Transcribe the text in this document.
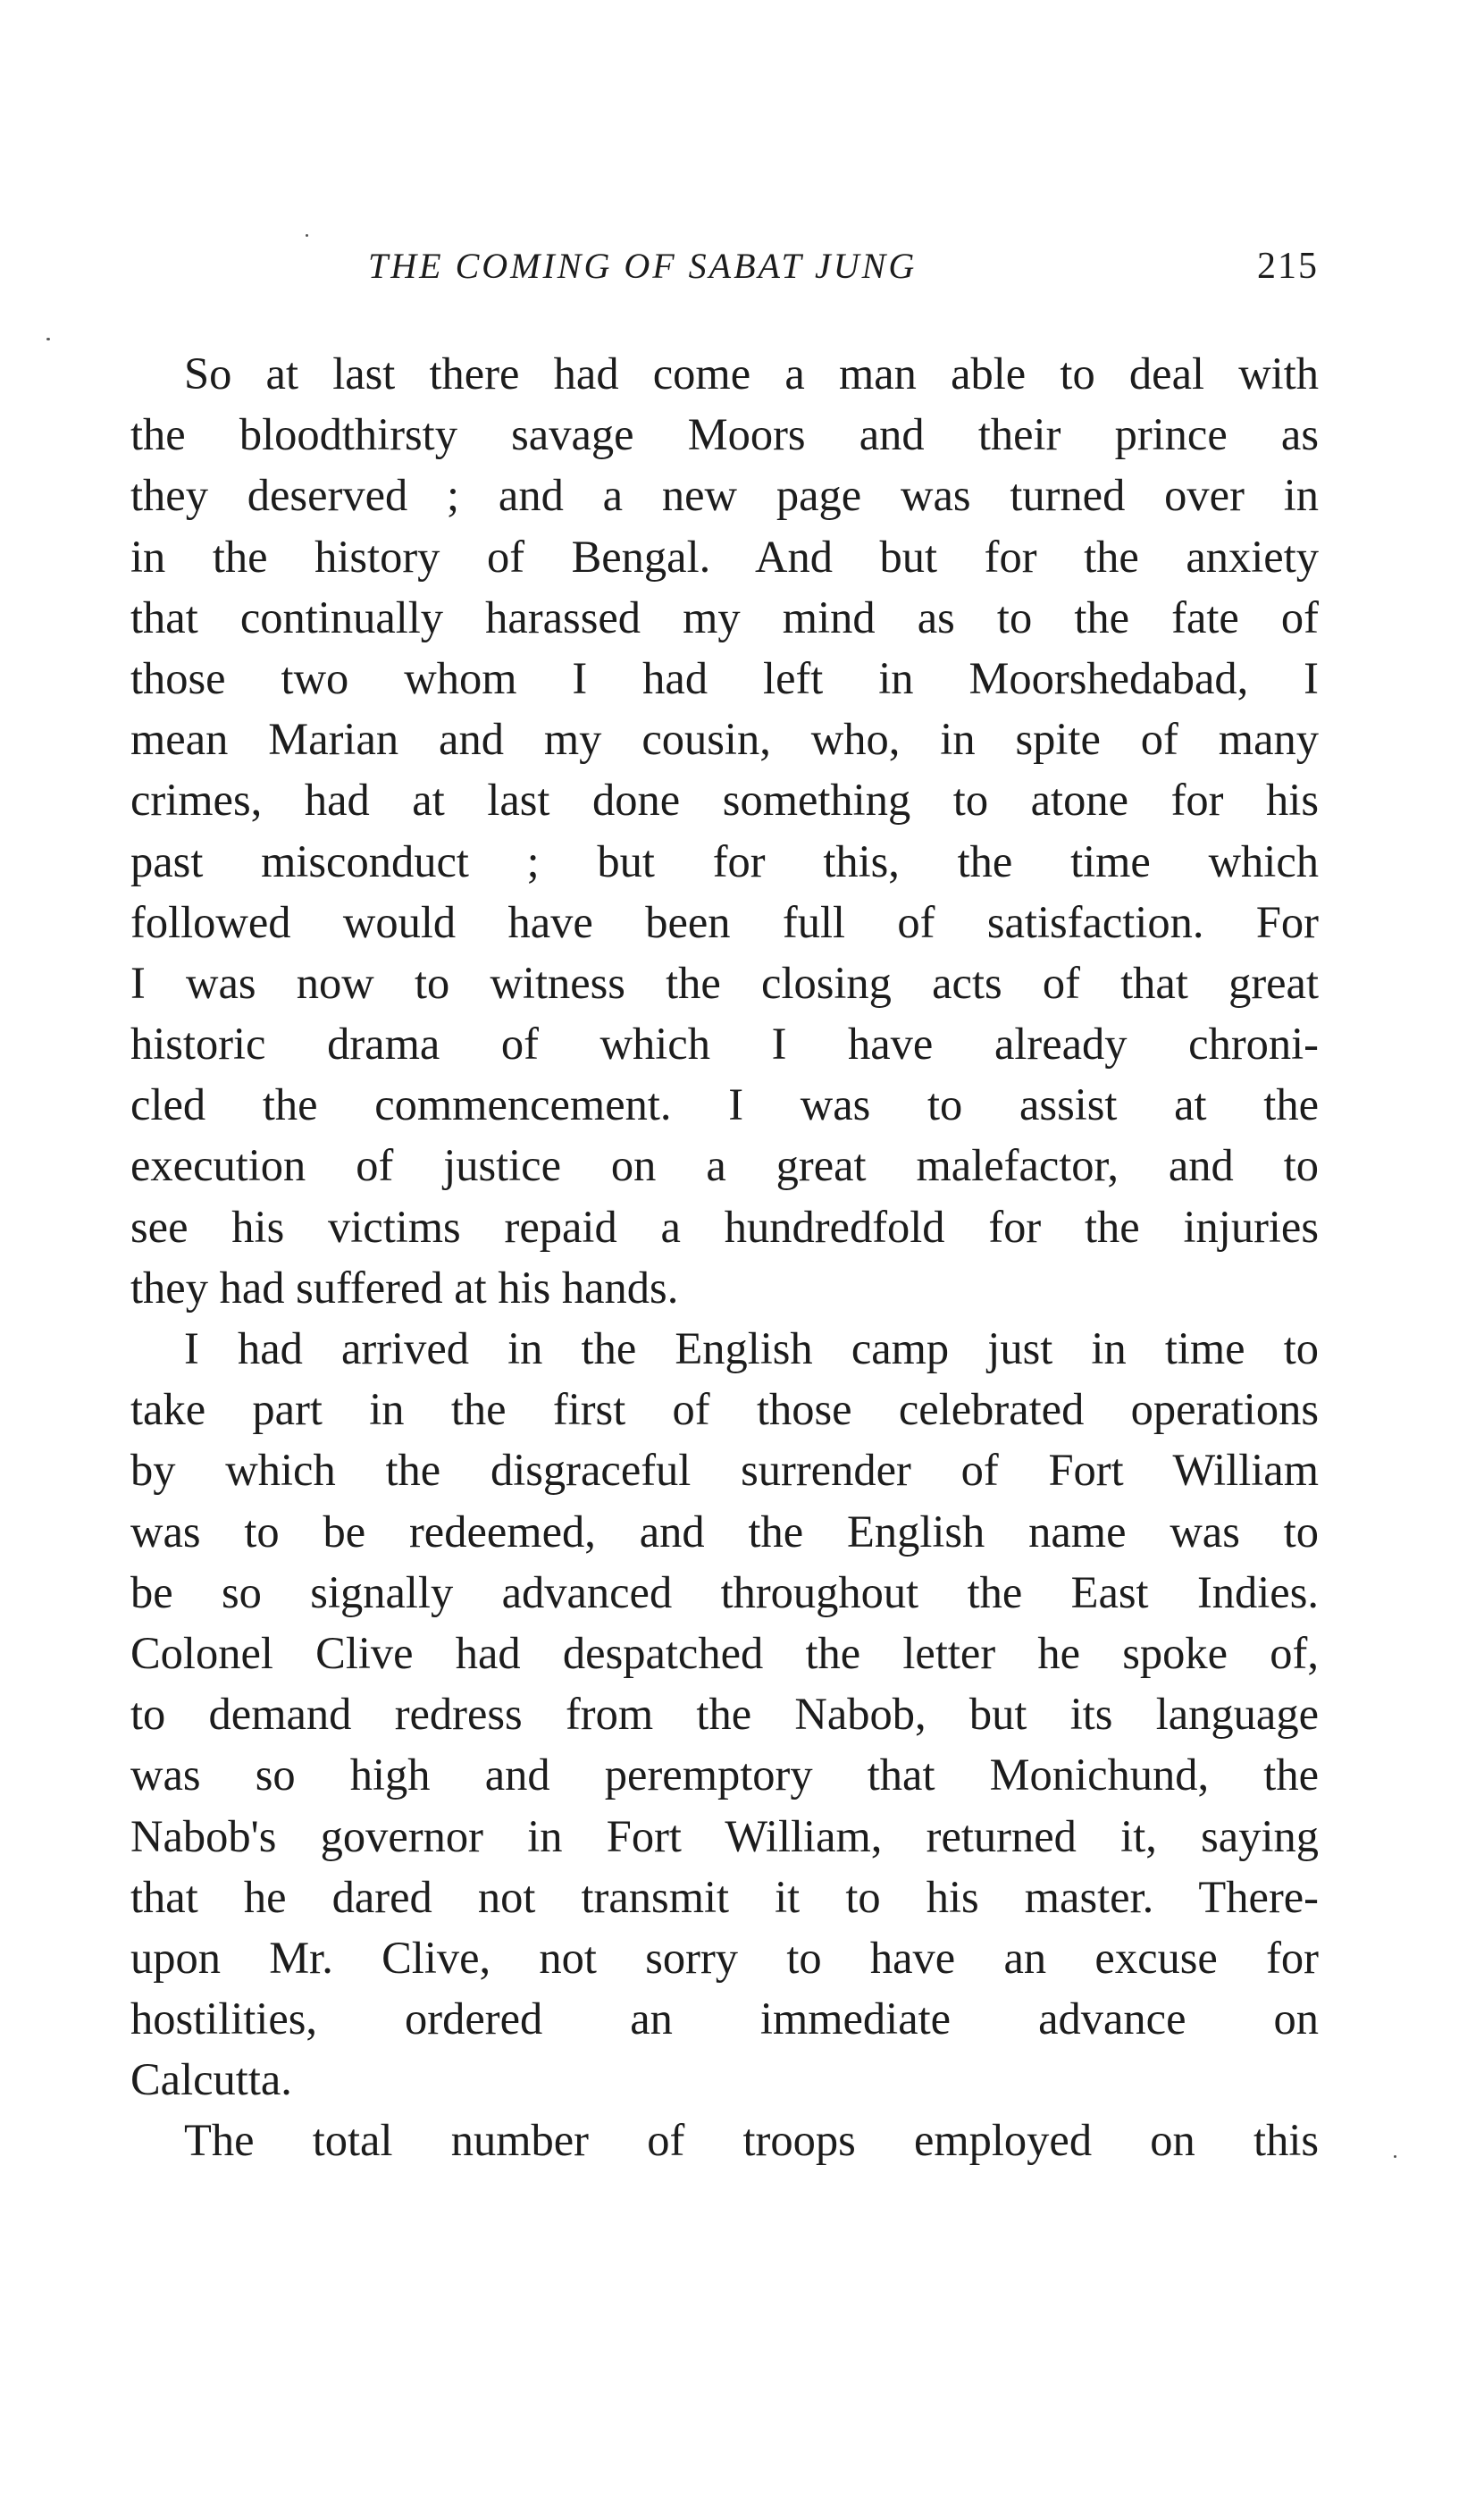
THE COMING OF SABAT JUNG	215
So at last there had come a man able to deal with
the bloodthirsty savage Moors and their prince as
they deserved ; and a new page was turned over in
in the history of Bengal. And but for the anxiety
that continually harassed my mind as to the fate of
those two whom I had left in Moorshedabad, I
mean Marian and my cousin, who, in spite of many
crimes, had at last done something to atone for his
past misconduct ; but for this, the time which
followed would have been full of satisfaction. For
I was now to witness the closing acts of that great
historic drama of which I have already chroni-
cled the commencement. I was to assist at the
execution of justice on a great malefactor, and to
see his victims repaid a hundredfold for the injuries
they had suffered at his hands.
I had arrived in the English camp just in time to
take part in the first of those celebrated operations
by which the disgraceful surrender of Fort William
was to be redeemed, and the English name was to
be so signally advanced throughout the East Indies.
Colonel Clive had despatched the letter he spoke of,
to demand redress from the Nabob, but its language
was so high and peremptory that Monichund, the
Nabob's governor in Fort William, returned it, saying
that he dared not transmit it to his master. There-
upon Mr. Clive, not sorry to have an excuse for
hostilities, ordered an immediate advance on
Calcutta.
The total number of troops employed on this
